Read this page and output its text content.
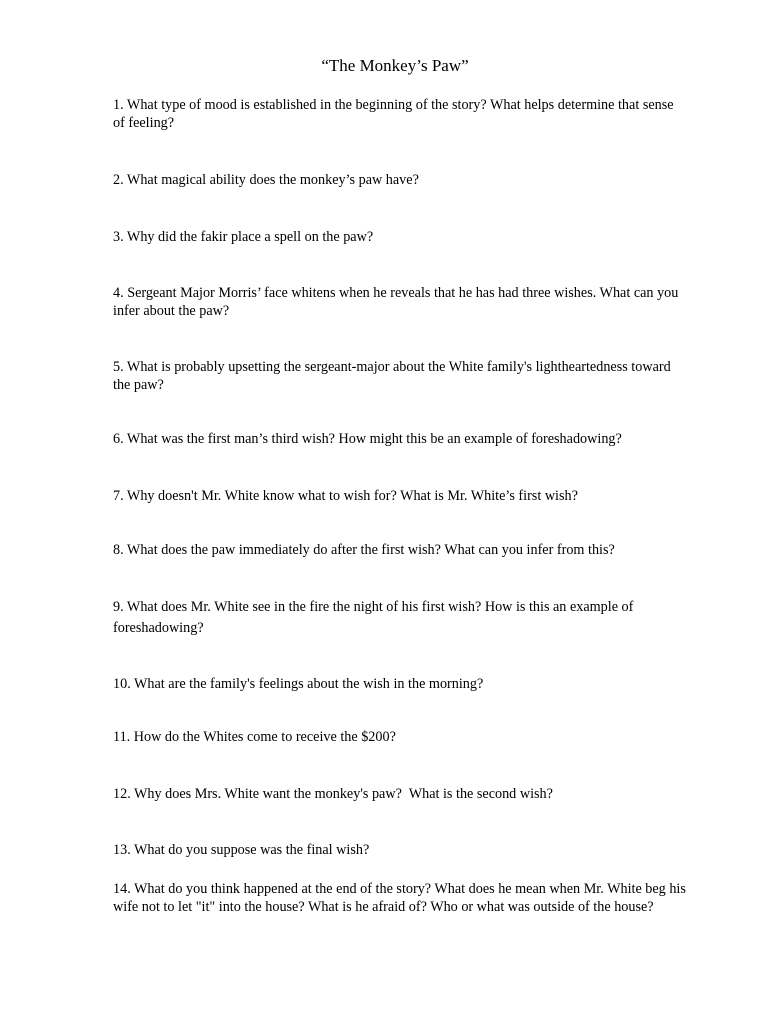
“The Monkey’s Paw”

1. What type of mood is established in the beginning of the story? What helps determine that sense of feeling?

2. What magical ability does the monkey’s paw have?

3. Why did the fakir place a spell on the paw?

4. Sergeant Major Morris’ face whitens when he reveals that he has had three wishes. What can you infer about the paw?

5. What is probably upsetting the sergeant-major about the White family's lightheartedness toward the paw?

6. What was the first man’s third wish? How might this be an example of foreshadowing?

7. Why doesn't Mr. White know what to wish for? What is Mr. White’s first wish?

8. What does the paw immediately do after the first wish? What can you infer from this?

9. What does Mr. White see in the fire the night of his first wish? How is this an example of foreshadowing?

10. What are the family's feelings about the wish in the morning?

11. How do the Whites come to receive the $200?

12. Why does Mrs. White want the monkey's paw?  What is the second wish?

13. What do you suppose was the final wish?

14. What do you think happened at the end of the story? What does he mean when Mr. White beg his wife not to let "it" into the house? What is he afraid of? Who or what was outside of the house?
